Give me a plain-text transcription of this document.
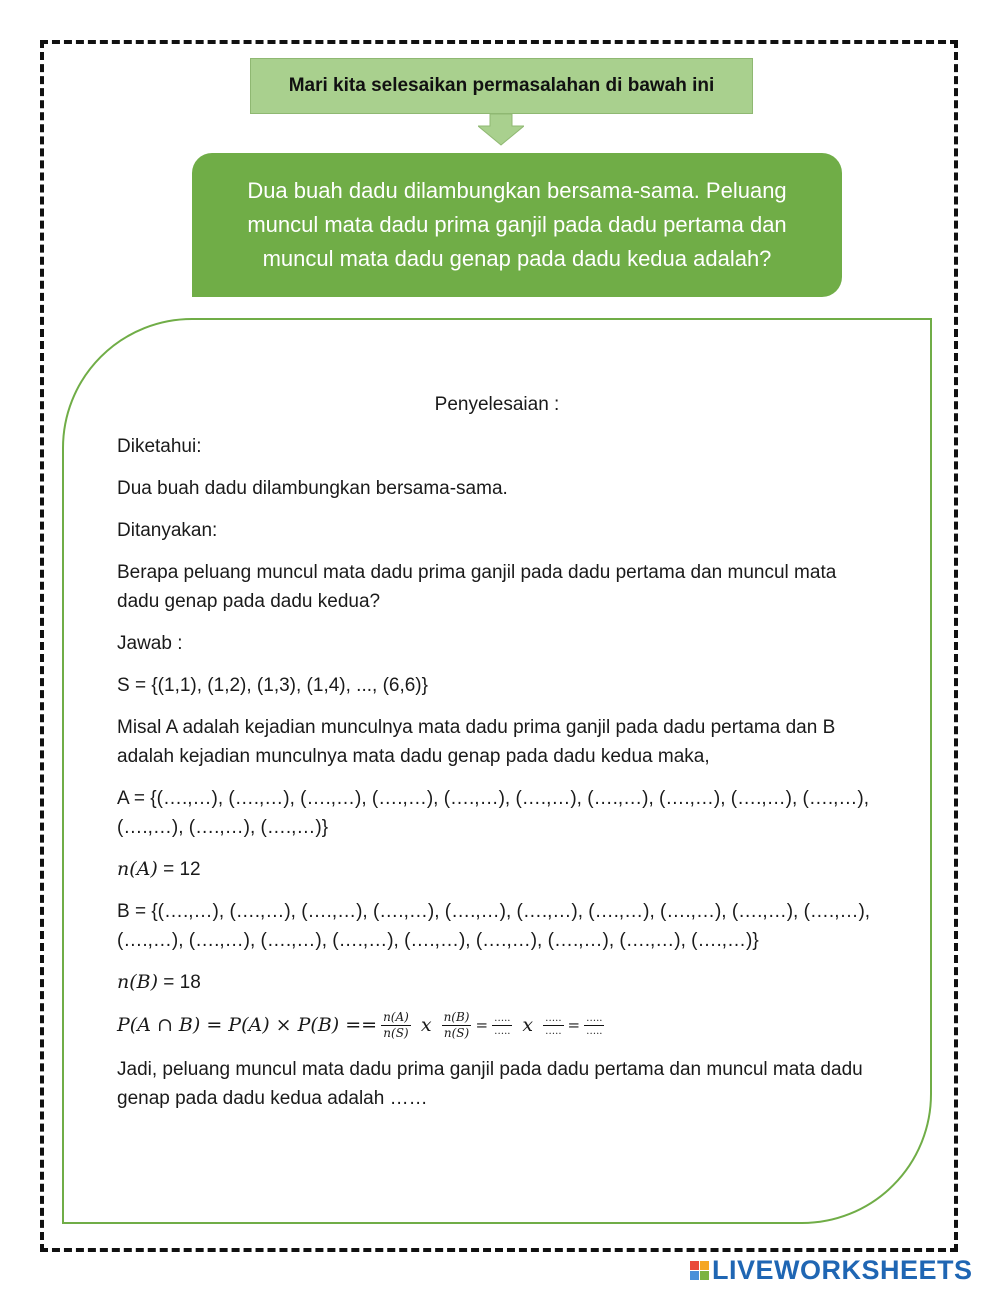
Mari kita selesaikan permasalahan di bawah ini
Dua buah dadu dilambungkan bersama-sama. Peluang muncul mata dadu prima ganjil pada dadu pertama dan muncul mata dadu genap pada dadu kedua adalah?

Penyelesaian :

Diketahui:

Dua buah dadu dilambungkan bersama-sama.

Ditanyakan:

Berapa peluang muncul mata dadu prima ganjil pada dadu pertama dan muncul mata dadu genap pada dadu kedua?

Jawab :

S = {(1,1), (1,2), (1,3), (1,4), ..., (6,6)}

Misal A adalah kejadian munculnya mata dadu prima ganjil pada dadu pertama dan B adalah kejadian munculnya mata dadu genap pada dadu kedua maka,

A = {(….,…), (….,…), (….,…), (….,…), (….,…), (….,…), (….,…), (….,…), (….,…), (….,…), (….,…), (….,…), (….,…)}

n(A) = 12

B = {(….,…), (….,…), (….,…), (….,…), (….,…), (….,…), (….,…), (….,…), (….,…), (….,…), (….,…), (….,…), (….,…), (….,…), (….,…), (….,…), (….,…), (….,…), (….,…)}

n(B) = 18

P(A ∩ $B) = P(A) \times P(B) == \frac{n(A)}{n(S)}$ x $\frac{n(B)}{n(S)} = \frac{\dots..}{\dots..}$ x $\frac{\dots..}{\dots..} = \frac{\dots..}{\dots..}$

Jadi, peluang muncul mata dadu prima ganjil pada dadu pertama dan muncul mata dadu genap pada dadu kedua adalah ……

LIVEWORKSHEETS
